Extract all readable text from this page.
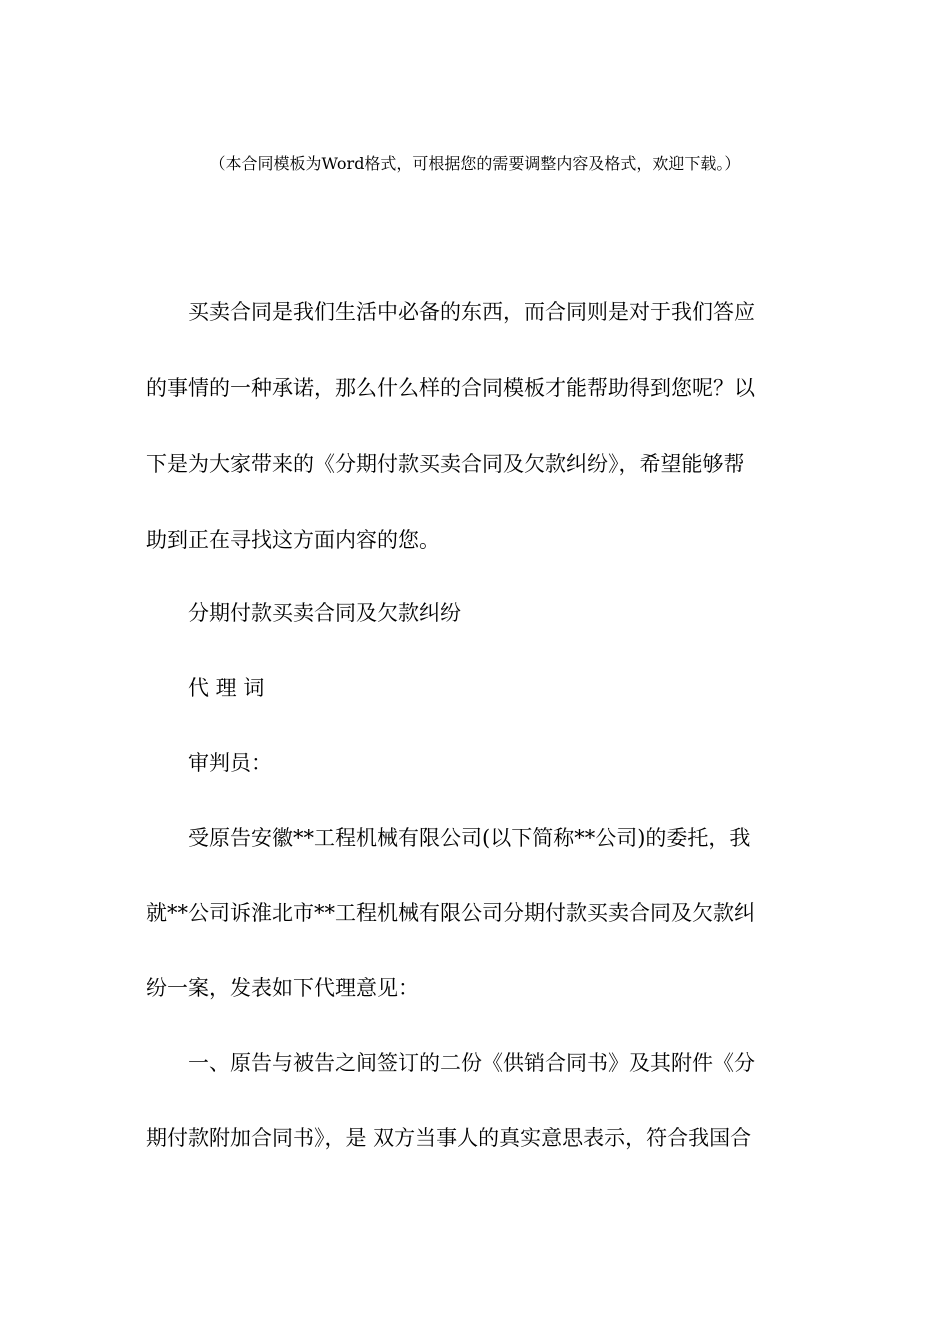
（本合同模板为Word格式，可根据您的需要调整内容及格式，欢迎下载。）
买卖合同是我们生活中必备的东西，而合同则是对于我们答应
的事情的一种承诺，那么什么样的合同模板才能帮助得到您呢？以
下是为大家带来的《分期付款买卖合同及欠款纠纷》，希望能够帮
助到正在寻找这方面内容的您。
分期付款买卖合同及欠款纠纷
代 理 词
审判员：
受原告安徽**工程机械有限公司(以下简称**公司)的委托，我
就**公司诉淮北市**工程机械有限公司分期付款买卖合同及欠款纠
纷一案，发表如下代理意见：
一、原告与被告之间签订的二份《供销合同书》及其附件《分
期付款附加合同书》，是 双方当事人的真实意思表示，符合我国合
